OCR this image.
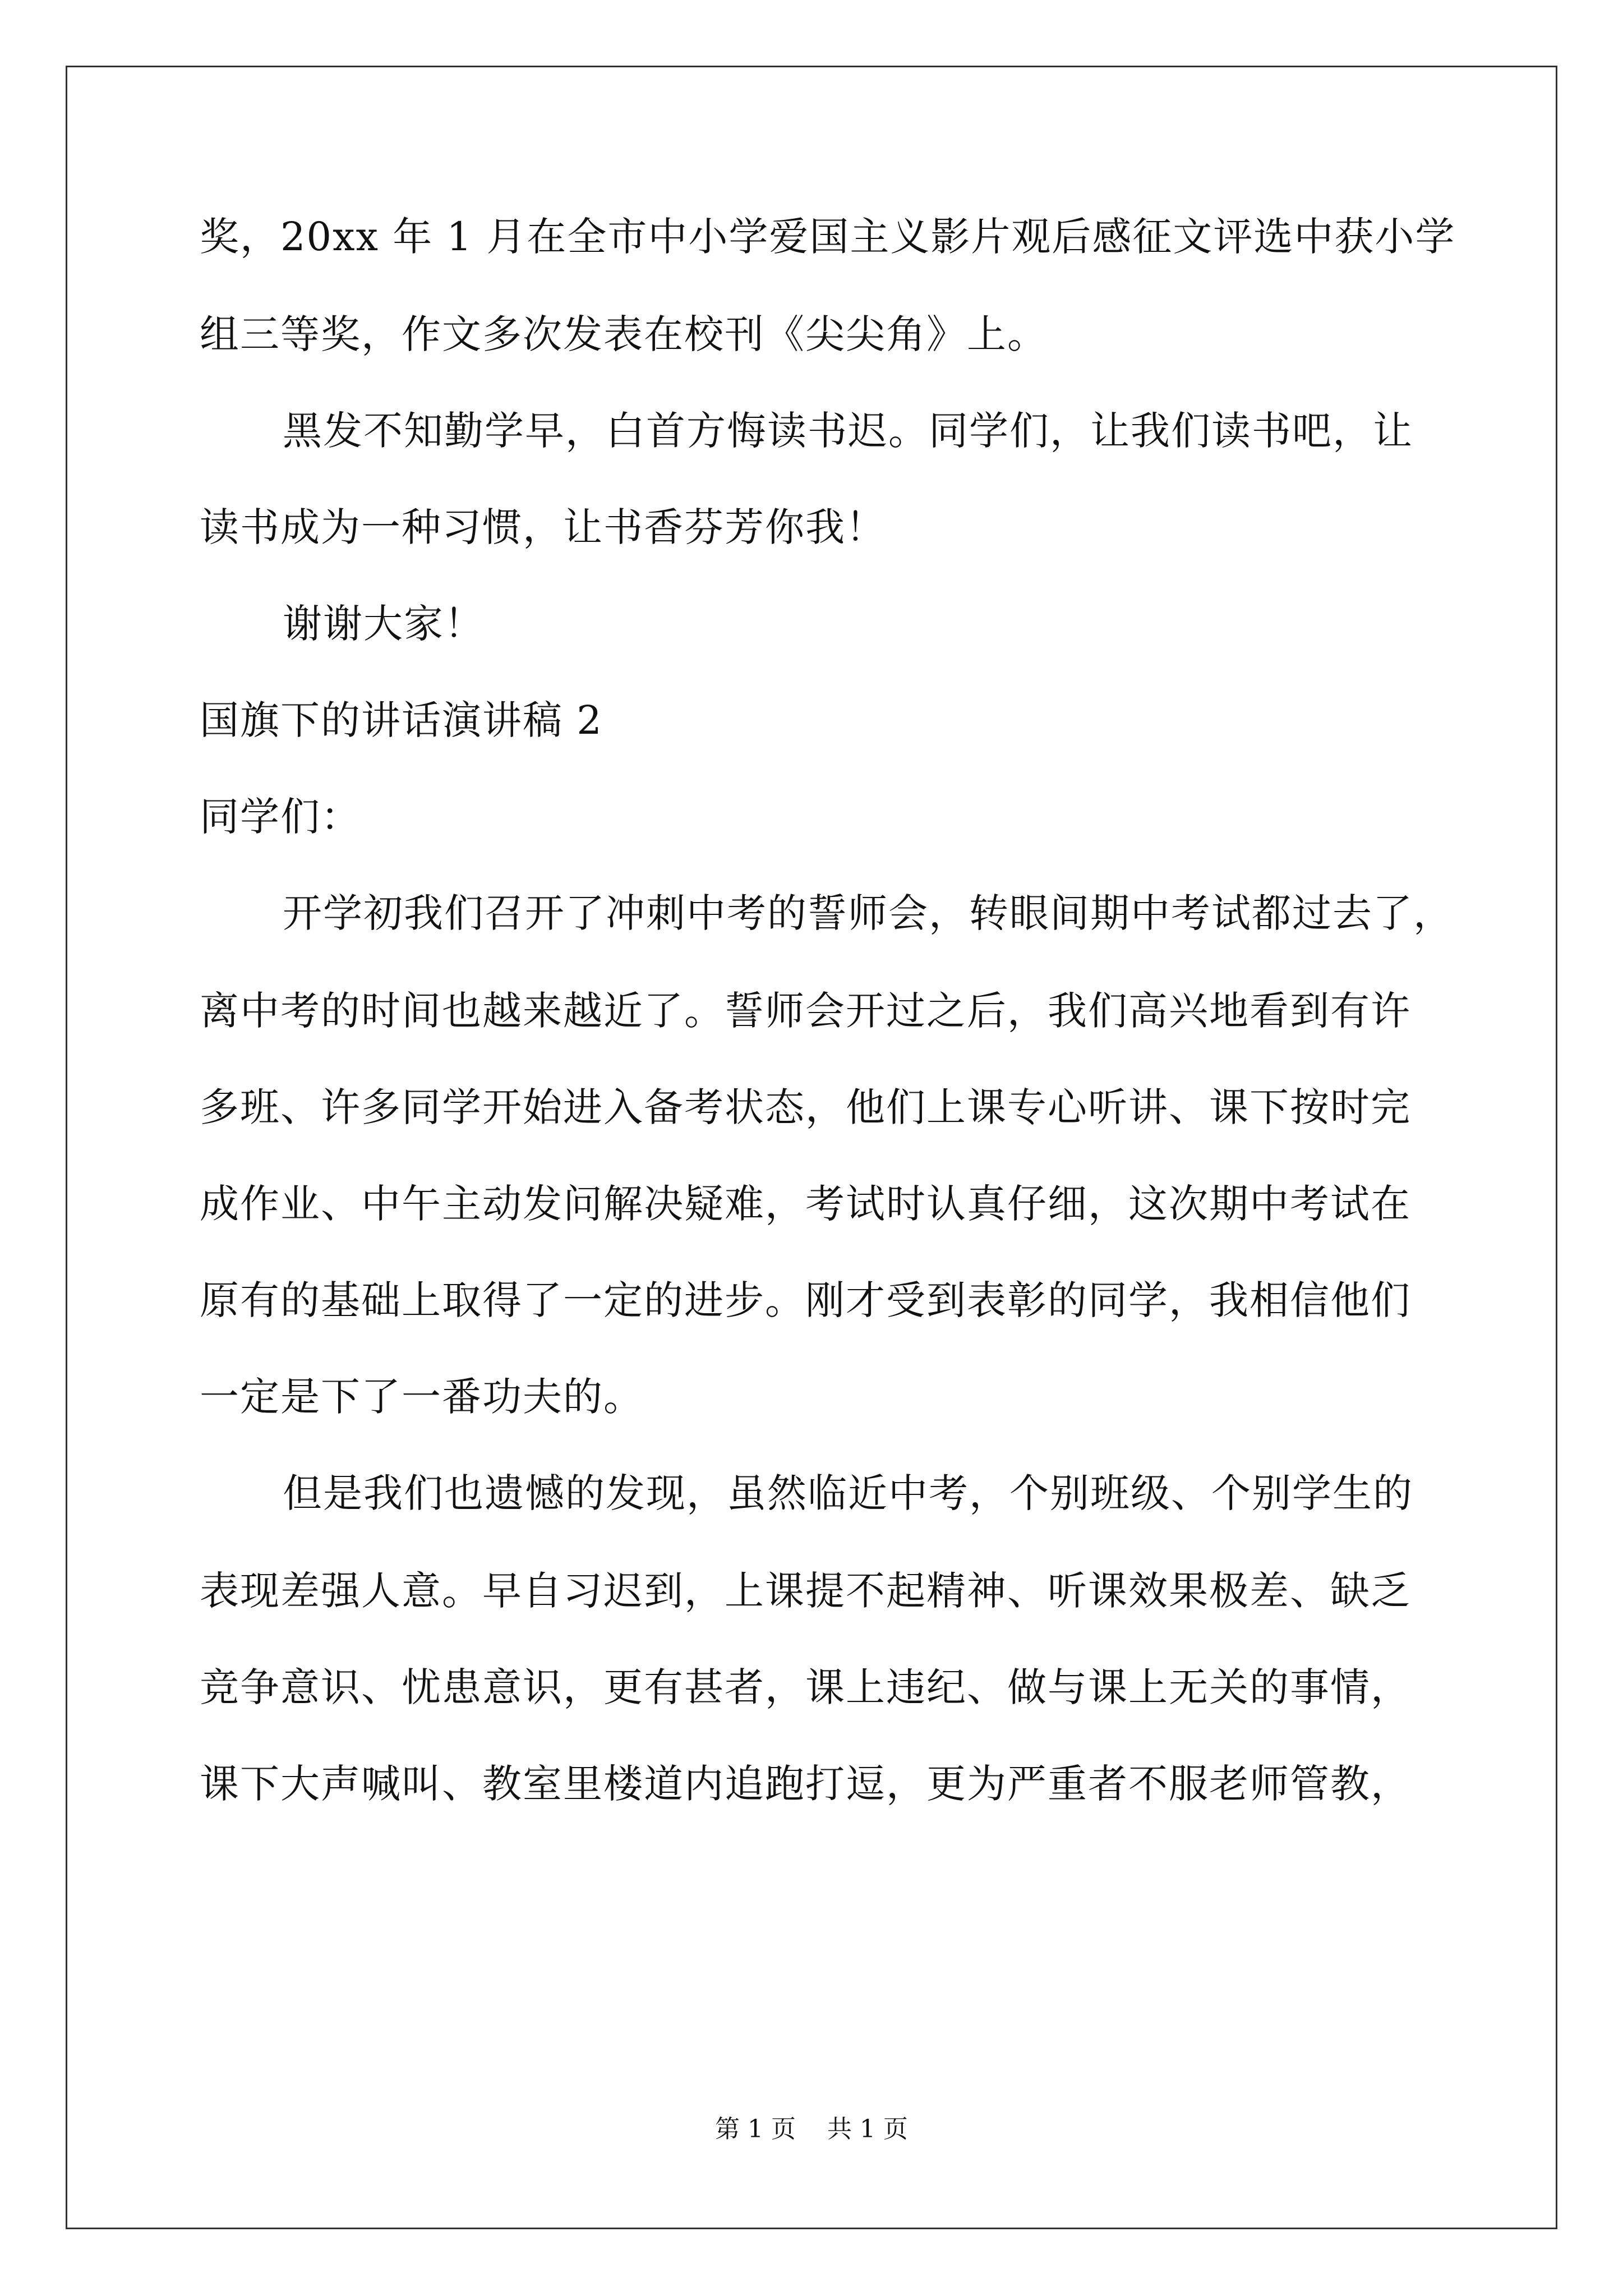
奖，20xx 年 1 月在全市中小学爱国主义影片观后感征文评选中获小学
组三等奖，作文多次发表在校刊《尖尖角》上。
黑发不知勤学早，白首方悔读书迟。同学们，让我们读书吧，让
读书成为一种习惯，让书香芬芳你我！
谢谢大家！
国旗下的讲话演讲稿 2
同学们：
开学初我们召开了冲刺中考的誓师会，转眼间期中考试都过去了，
离中考的时间也越来越近了。誓师会开过之后，我们高兴地看到有许
多班、许多同学开始进入备考状态，他们上课专心听讲、课下按时完
成作业、中午主动发问解决疑难，考试时认真仔细，这次期中考试在
原有的基础上取得了一定的进步。刚才受到表彰的同学，我相信他们
一定是下了一番功夫的。
但是我们也遗憾的发现，虽然临近中考，个别班级、个别学生的
表现差强人意。早自习迟到，上课提不起精神、听课效果极差、缺乏
竞争意识、忧患意识，更有甚者，课上违纪、做与课上无关的事情，
课下大声喊叫、教室里楼道内追跑打逗，更为严重者不服老师管教，
第 1 页    共 1 页
